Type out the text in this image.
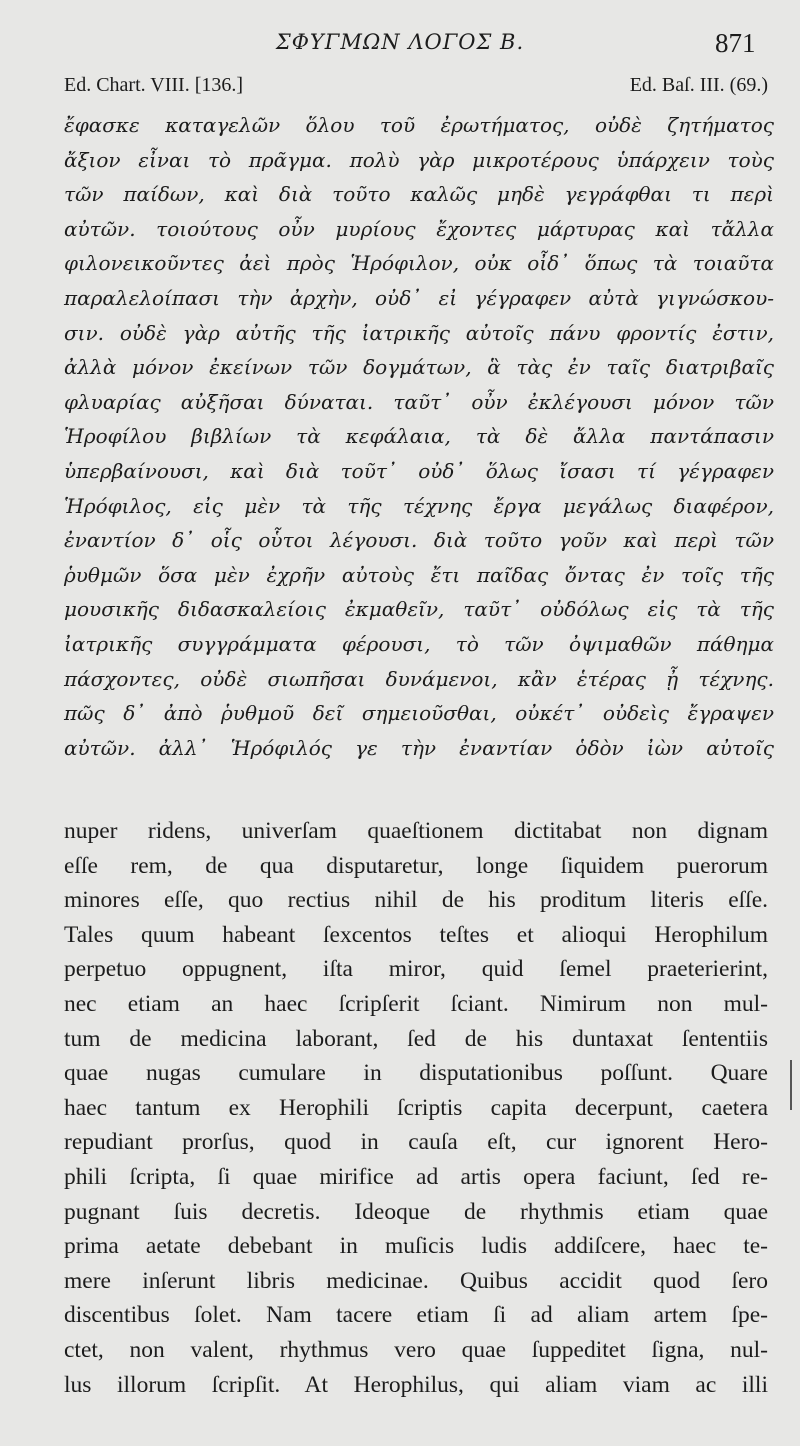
ΣΦΥΓΜΩΝ ΛΟΓΟΣ Β.	871
Ed. Chart. VIII. [136.]	Ed. Baſ. III. (69.)
ἔφασκε καταγελῶν ὅλου τοῦ ἐρωτήματος, οὐδὲ ζητήματος
ἄξιον εἶναι τὸ πρᾶγμα. πολὺ γὰρ μικροτέρους ὑπάρχειν τοὺς
τῶν παίδων, καὶ διὰ τοῦτο καλῶς μηδὲ γεγράφθαι τι περὶ
αὐτῶν. τοιούτους οὖν μυρίους ἔχοντες μάρτυρας καὶ τἄλλα
φιλονεικοῦντες ἀεὶ πρὸς Ἡρόφιλον, οὐκ οἶδ᾽ ὅπως τὰ τοιαῦτα
παραλελοίπασι τὴν ἀρχὴν, οὐδ᾽ εἰ γέγραφεν αὐτὰ γιγνώσκου-
σιν. οὐδὲ γὰρ αὐτῆς τῆς ἰατρικῆς αὐτοῖς πάνυ φροντίς ἐστιν,
ἀλλὰ μόνον ἐκείνων τῶν δογμάτων, ἃ τὰς ἐν ταῖς διατριβαῖς
φλυαρίας αὐξῆσαι δύναται. ταῦτ᾽ οὖν ἐκλέγουσι μόνον τῶν
Ἡροφίλου βιβλίων τὰ κεφάλαια, τὰ δὲ ἄλλα παντάπασιν
ὑπερβαίνουσι, καὶ διὰ τοῦτ᾽ οὐδ᾽ ὅλως ἴσασι τί γέγραφεν
Ἡρόφιλος, εἰς μὲν τὰ τῆς τέχνης ἔργα μεγάλως διαφέρον,
ἐναντίον δ᾽ οἷς οὗτοι λέγουσι. διὰ τοῦτο γοῦν καὶ περὶ τῶν
ῥυθμῶν ὅσα μὲν ἐχρῆν αὐτοὺς ἔτι παῖδας ὄντας ἐν τοῖς τῆς
μουσικῆς διδασκαλείοις ἐκμαθεῖν, ταῦτ᾽ οὐδόλως εἰς τὰ τῆς
ἰατρικῆς συγγράμματα φέρουσι, τὸ τῶν ὀψιμαθῶν πάθημα
πάσχοντες, οὐδὲ σιωπῆσαι δυνάμενοι, κἂν ἑτέρας ᾖ τέχνης.
πῶς δ᾽ ἀπὸ ῥυθμοῦ δεῖ σημειοῦσθαι, οὐκέτ᾽ οὐδεὶς ἔγραψεν
αὐτῶν. ἀλλ᾽ Ἡρόφιλός γε τὴν ἐναντίαν ὁδὸν ἰὼν αὐτοῖς
nuper ridens, univerſam quaeſtionem dictitabat non dignam
eſſe rem, de qua disputaretur, longe ſiquidem puerorum
minores eſſe, quo rectius nihil de his proditum literis eſſe.
Tales quum habeant ſexcentos teſtes et alioqui Herophilum
perpetuo oppugnent, iſta miror, quid ſemel praeterierint,
nec etiam an haec ſcripſerit ſciant. Nimirum non mul-
tum de medicina laborant, ſed de his duntaxat ſententiis
quae nugas cumulare in disputationibus poſſunt. Quare
haec tantum ex Herophili ſcriptis capita decerpunt, caetera
repudiant prorſus, quod in cauſa eſt, cur ignorent Hero-
phili ſcripta, ſi quae mirifice ad artis opera faciunt, ſed re-
pugnant ſuis decretis. Ideoque de rhythmis etiam quae
prima aetate debebant in muſicis ludis addiſcere, haec te-
mere inſerunt libris medicinae. Quibus accidit quod ſero
discentibus ſolet. Nam tacere etiam ſi ad aliam artem ſpe-
ctet, non valent, rhythmus vero quae ſuppeditet ſigna, nul-
lus illorum ſcripſit. At Herophilus, qui aliam viam ac illi
